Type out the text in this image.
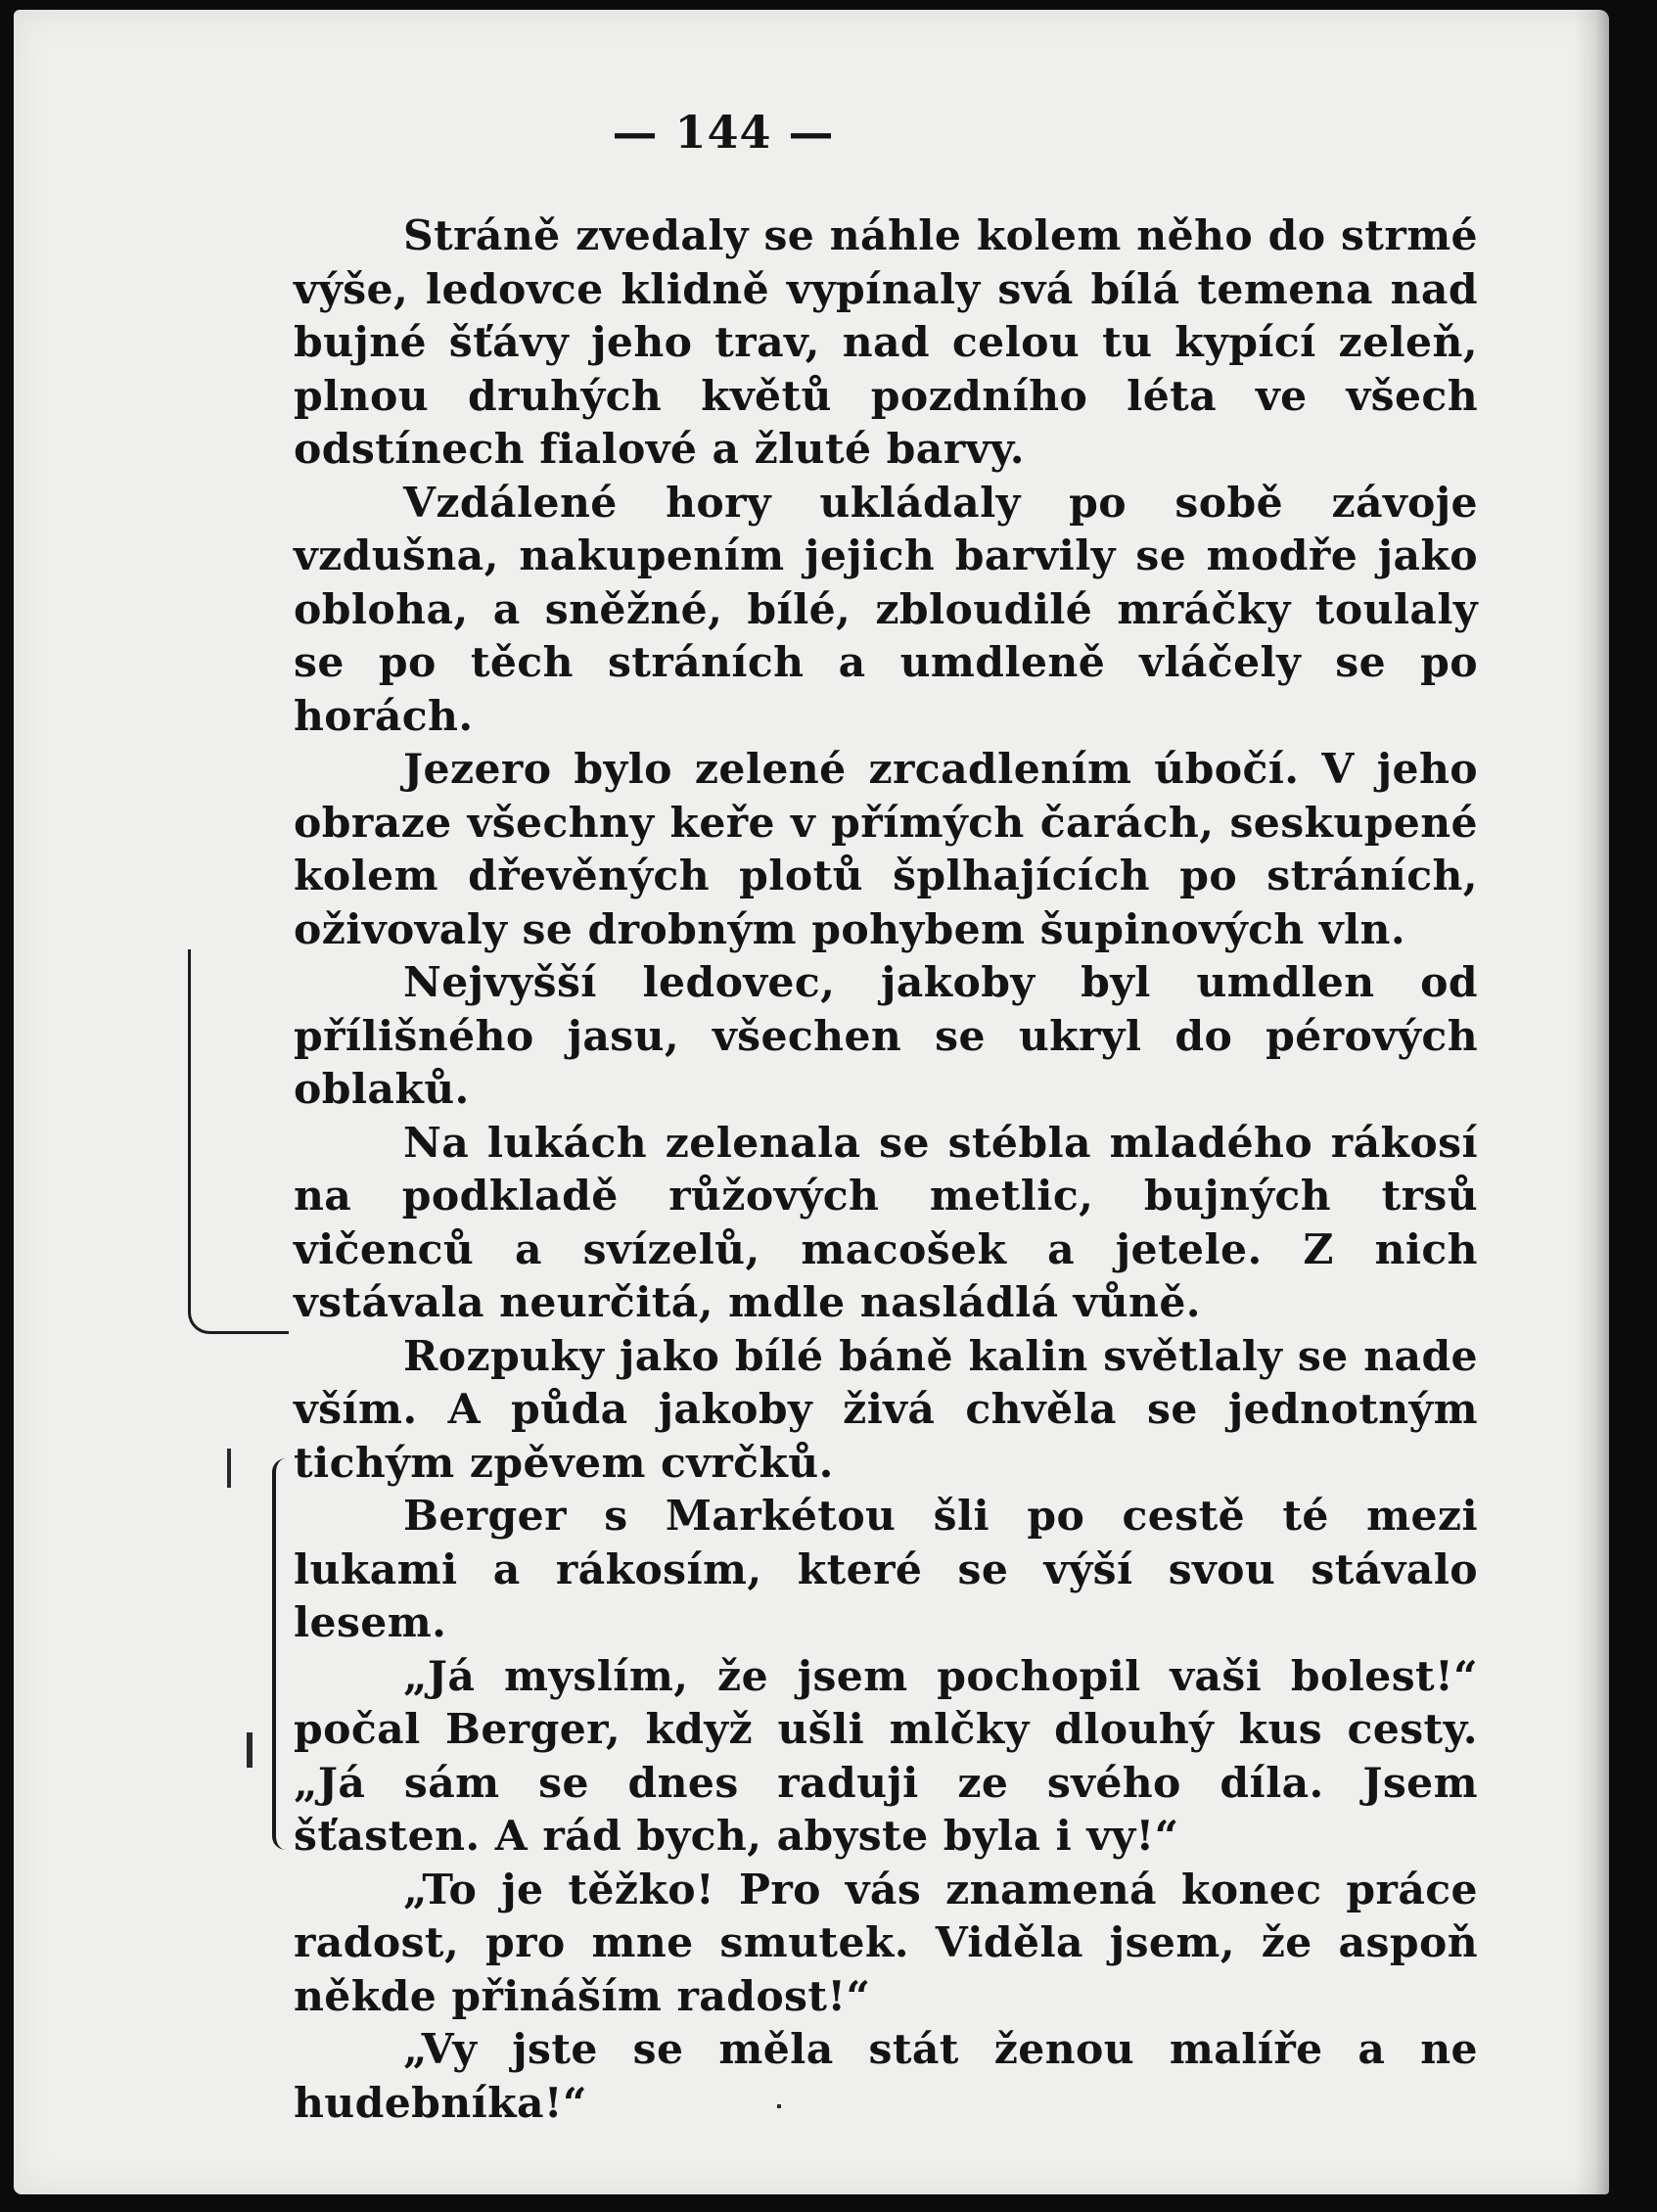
— 144 —

Stráně zvedaly se náhle kolem něho do strmé výše, ledovce klidně vypínaly svá bílá temena nad bujné šťávy jeho trav, nad celou tu kypící zeleň, plnou druhých květů pozdního léta ve všech odstínech fialové a žluté barvy.

Vzdálené hory ukládaly po sobě závoje vzdušna, nakupením jejich barvily se modře jako obloha, a sněžné, bílé, zbloudilé mráčky toulaly se po těch stráních a umdleně vláčely se po horách.

Jezero bylo zelené zrcadlením úbočí. V jeho obraze všechny keře v přímých čarách, seskupené kolem dřevěných plotů šplhajících po stráních, oživovaly se drobným pohybem šupinových vln.

Nejvyšší ledovec, jakoby byl umdlen od přílišného jasu, všechen se ukryl do pérových oblaků.

Na lukách zelenala se stébla mladého rákosí na podkladě růžových metlic, bujných trsů vičenců a svízelů, macošek a jetele. Z nich vstávala neurčitá, mdle nasládlá vůně.

Rozpuky jako bílé báně kalin světlaly se nade vším. A půda jakoby živá chvěla se jednotným tichým zpěvem cvrčků.

Berger s Markétou šli po cestě té mezi lukami a rákosím, které se výší svou stávalo lesem.

„Já myslím, že jsem pochopil vaši bolest!“ počal Berger, když ušli mlčky dlouhý kus cesty. „Já sám se dnes raduji ze svého díla. Jsem šťasten. A rád bych, abyste byla i vy!“

„To je těžko! Pro vás znamená konec práce radost, pro mne smutek. Viděla jsem, že aspoň někde přináším radost!“

„Vy jste se měla stát ženou malíře a ne hudebníka!“
